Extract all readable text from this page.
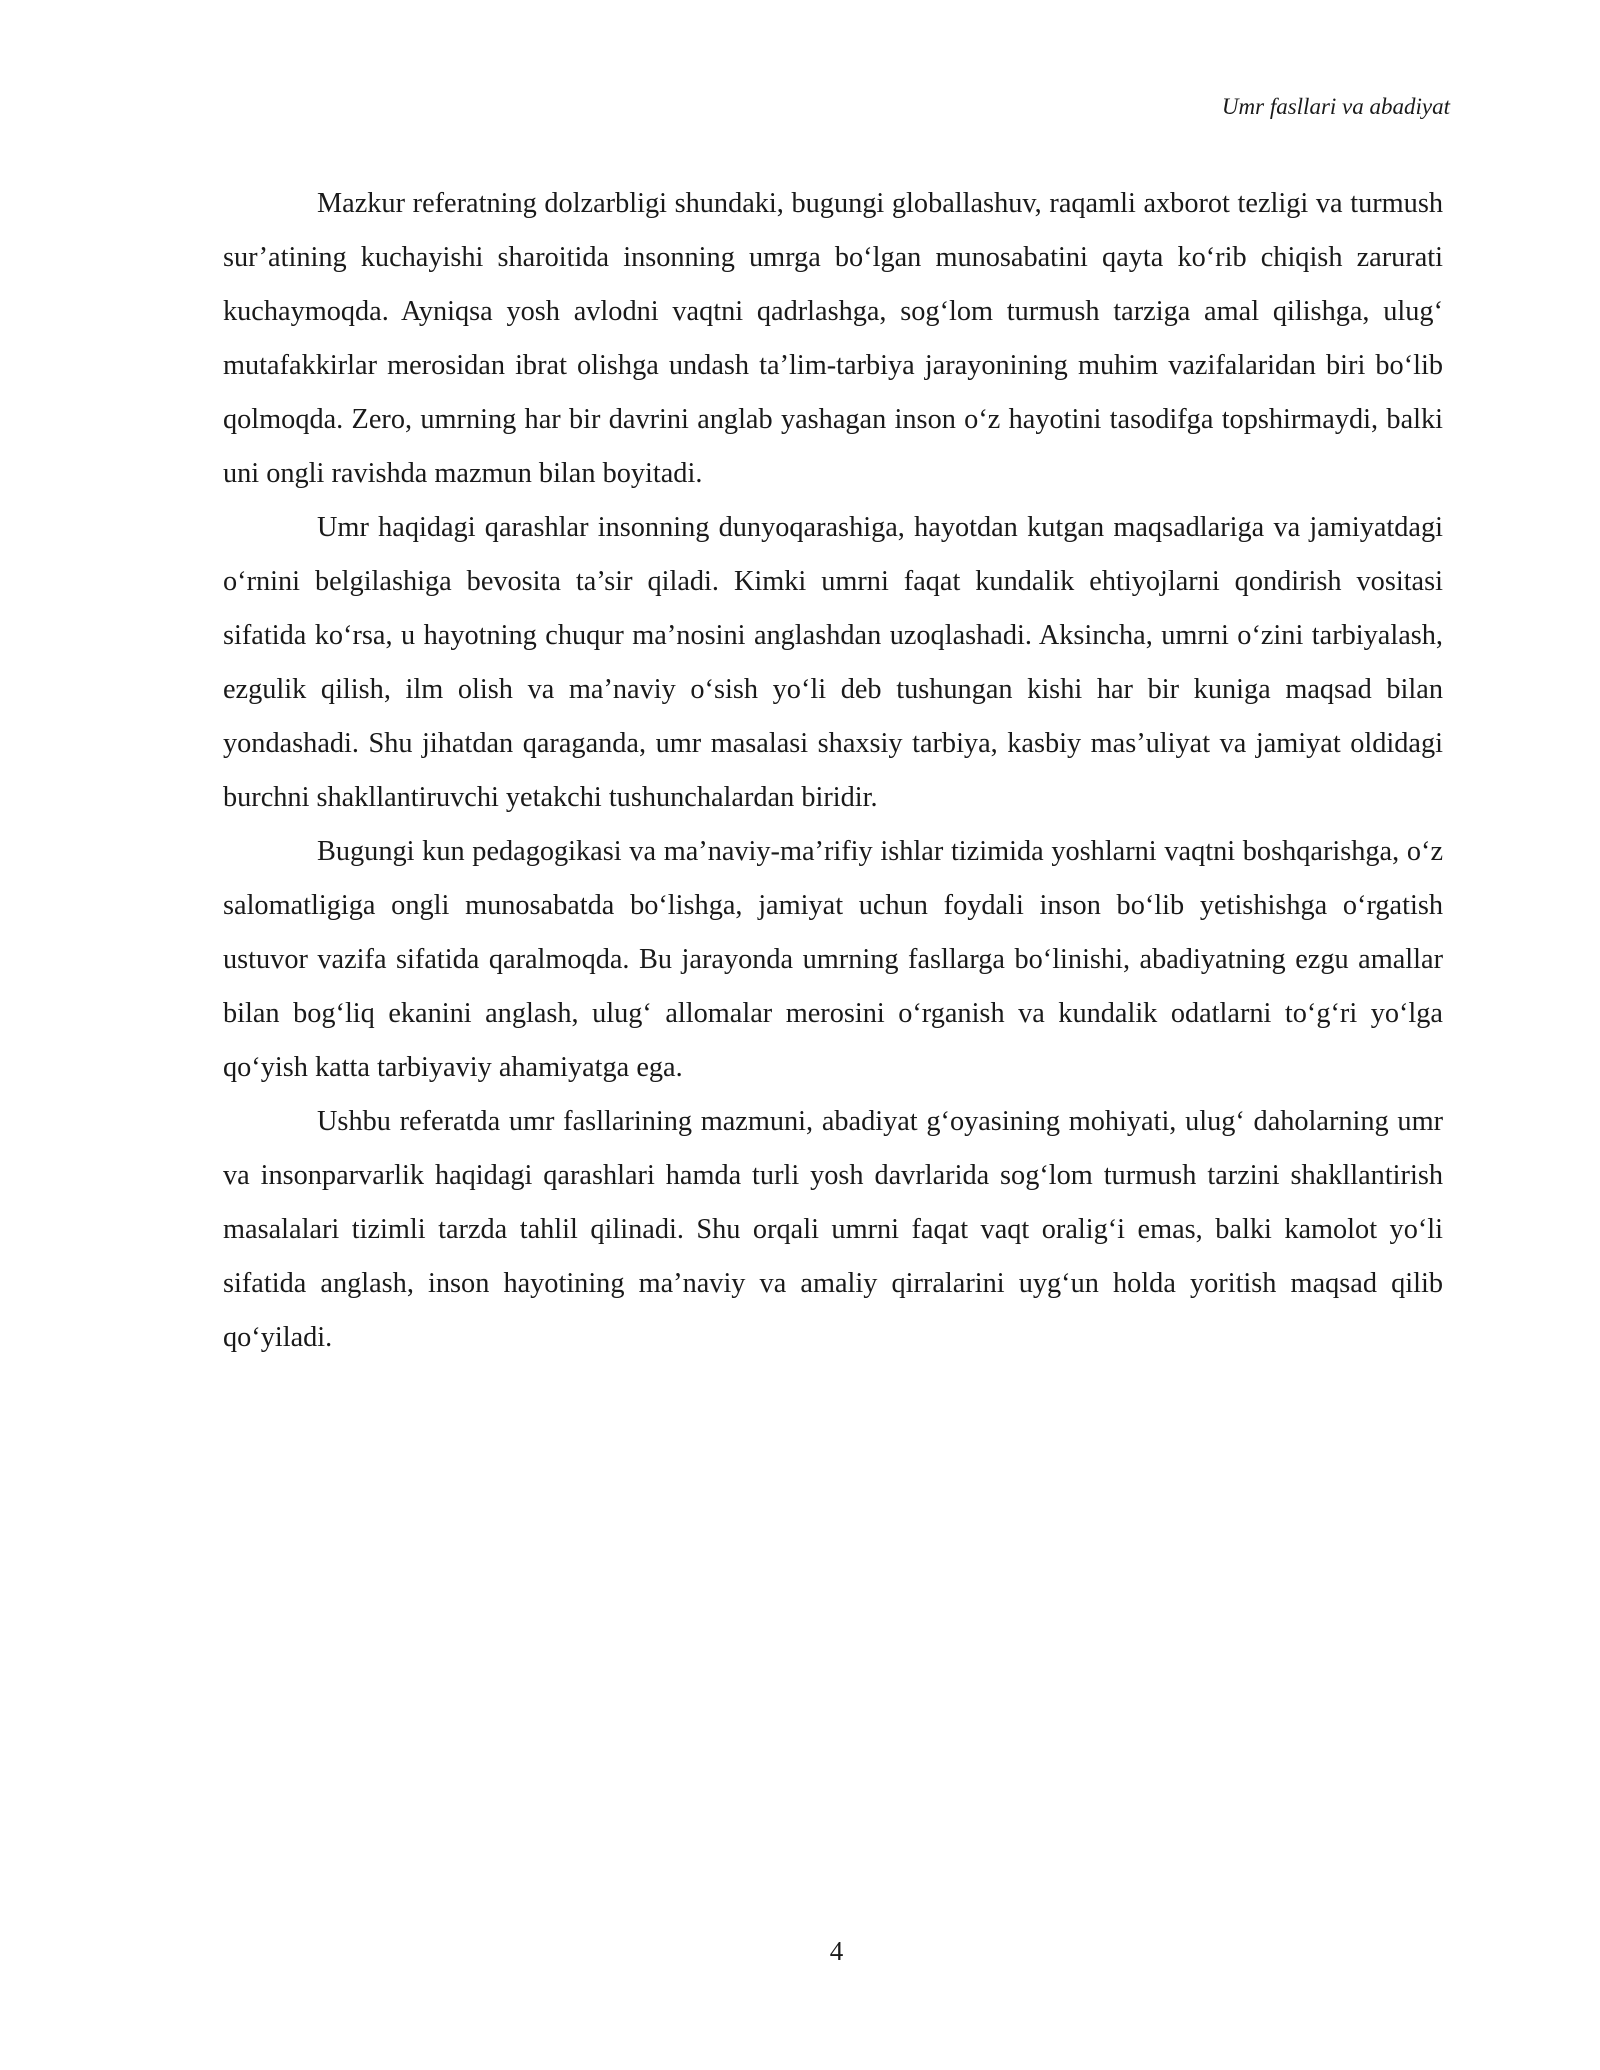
Umr fasllari va abadiyat

Mazkur referatning dolzarbligi shundaki, bugungi globallashuv, raqamli axborot tezligi va turmush sur’atining kuchayishi sharoitida insonning umrga bo‘lgan munosabatini qayta ko‘rib chiqish zarurati kuchaymoqda. Ayniqsa yosh avlodni vaqtni qadrlashga, sog‘lom turmush tarziga amal qilishga, ulug‘ mutafakkirlar merosidan ibrat olishga undash ta’lim-tarbiya jarayonining muhim vazifalaridan biri bo‘lib qolmoqda. Zero, umrning har bir davrini anglab yashagan inson o‘z hayotini tasodifga topshirmaydi, balki uni ongli ravishda mazmun bilan boyitadi.

Umr haqidagi qarashlar insonning dunyoqarashiga, hayotdan kutgan maqsadlariga va jamiyatdagi o‘rnini belgilashiga bevosita ta’sir qiladi. Kimki umrni faqat kundalik ehtiyojlarni qondirish vositasi sifatida ko‘rsa, u hayotning chuqur ma’nosini anglashdan uzoqlashadi. Aksincha, umrni o‘zini tarbiyalash, ezgulik qilish, ilm olish va ma’naviy o‘sish yo‘li deb tushungan kishi har bir kuniga maqsad bilan yondashadi. Shu jihatdan qaraganda, umr masalasi shaxsiy tarbiya, kasbiy mas’uliyat va jamiyat oldidagi burchni shakllantiruvchi yetakchi tushunchalardan biridir.

Bugungi kun pedagogikasi va ma’naviy-ma’rifiy ishlar tizimida yoshlarni vaqtni boshqarishga, o‘z salomatligiga ongli munosabatda bo‘lishga, jamiyat uchun foydali inson bo‘lib yetishishga o‘rgatish ustuvor vazifa sifatida qaralmoqda. Bu jarayonda umrning fasllarga bo‘linishi, abadiyatning ezgu amallar bilan bog‘liq ekanini anglash, ulug‘ allomalar merosini o‘rganish va kundalik odatlarni to‘g‘ri yo‘lga qo‘yish katta tarbiyaviy ahamiyatga ega.

Ushbu referatda umr fasllarining mazmuni, abadiyat g‘oyasining mohiyati, ulug‘ daholarning umr va insonparvarlik haqidagi qarashlari hamda turli yosh davrlarida sog‘lom turmush tarzini shakllantirish masalalari tizimli tarzda tahlil qilinadi. Shu orqali umrni faqat vaqt oralig‘i emas, balki kamolot yo‘li sifatida anglash, inson hayotining ma’naviy va amaliy qirralarini uyg‘un holda yoritish maqsad qilib qo‘yiladi.

4
